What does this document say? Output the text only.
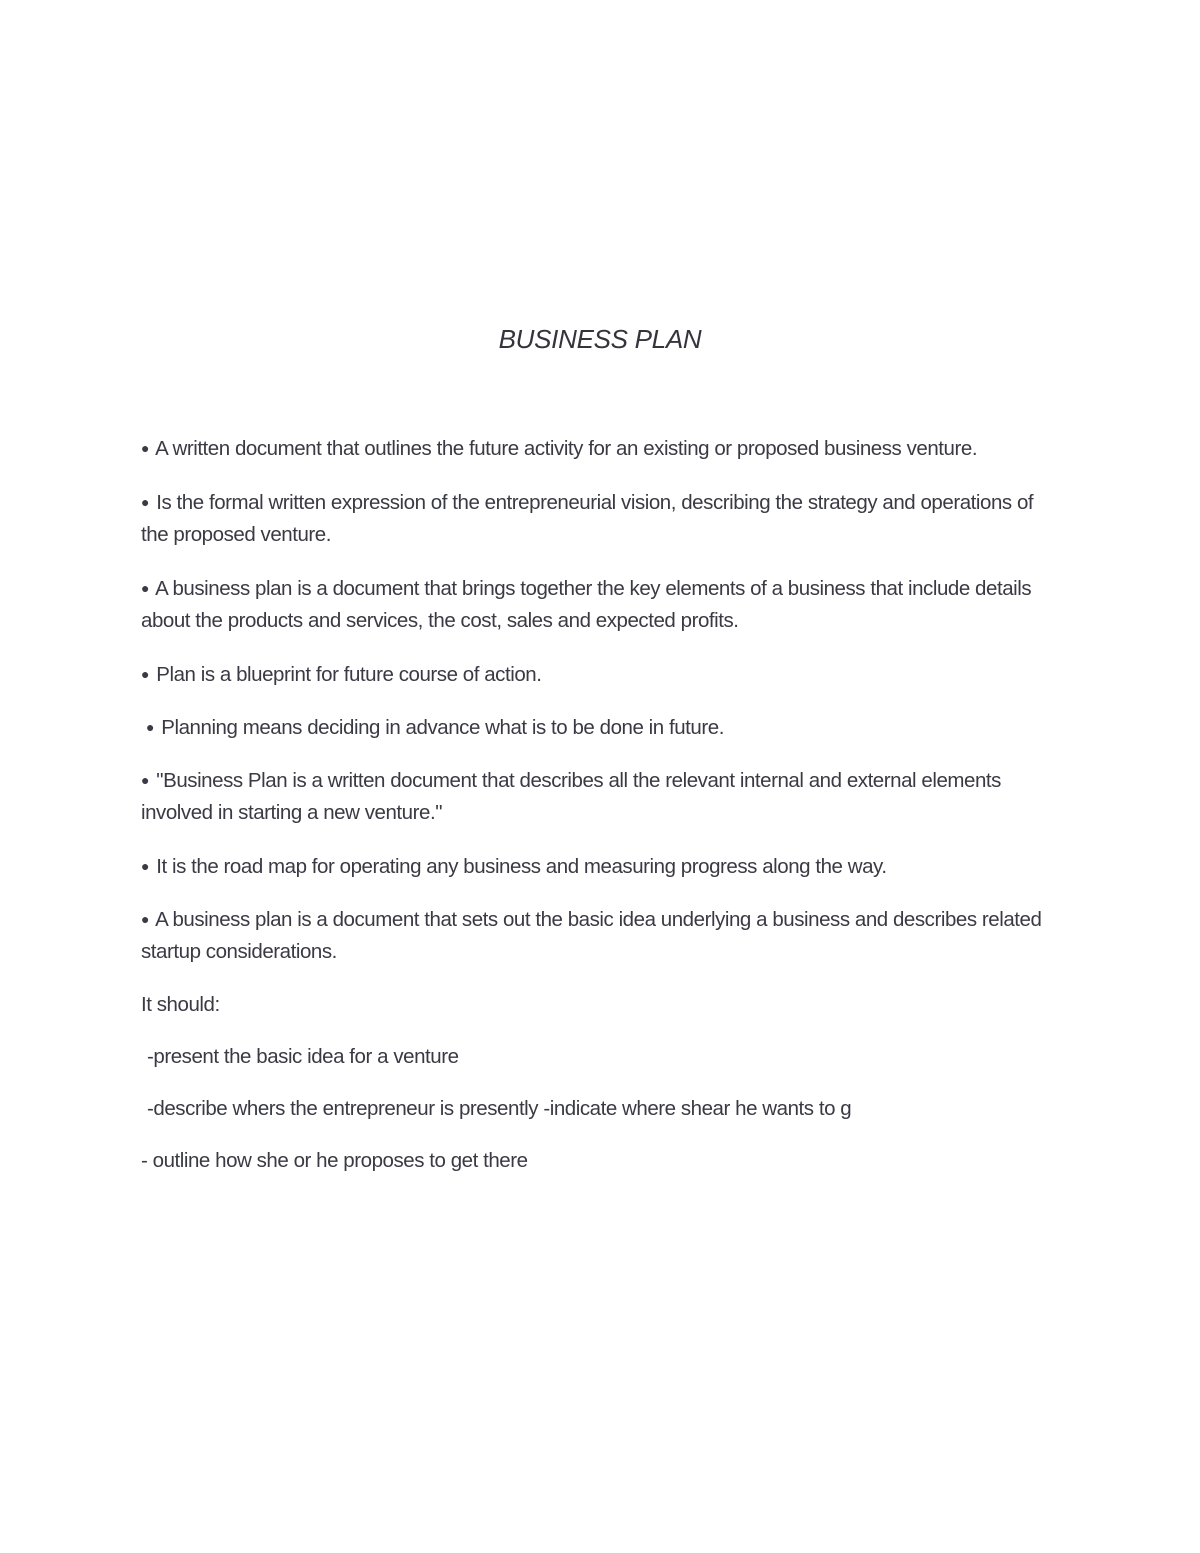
BUSINESS PLAN

● A written document that outlines the future activity for an existing or proposed business venture.

● Is the formal written expression of the entrepreneurial vision, describing the strategy and operations of the proposed venture.

● A business plan is a document that brings together the key elements of a business that include details about the products and services, the cost, sales and expected profits.

● Plan is a blueprint for future course of action.

● Planning means deciding in advance what is to be done in future.

● "Business Plan is a written document that describes all the relevant internal and external elements involved in starting a new venture."

● It is the road map for operating any business and measuring progress along the way.

● A business plan is a document that sets out the basic idea underlying a business and describes related startup considerations.

It should:

-present the basic idea for a venture

-describe whers the entrepreneur is presently -indicate where shear he wants to g

- outline how she or he proposes to get there
